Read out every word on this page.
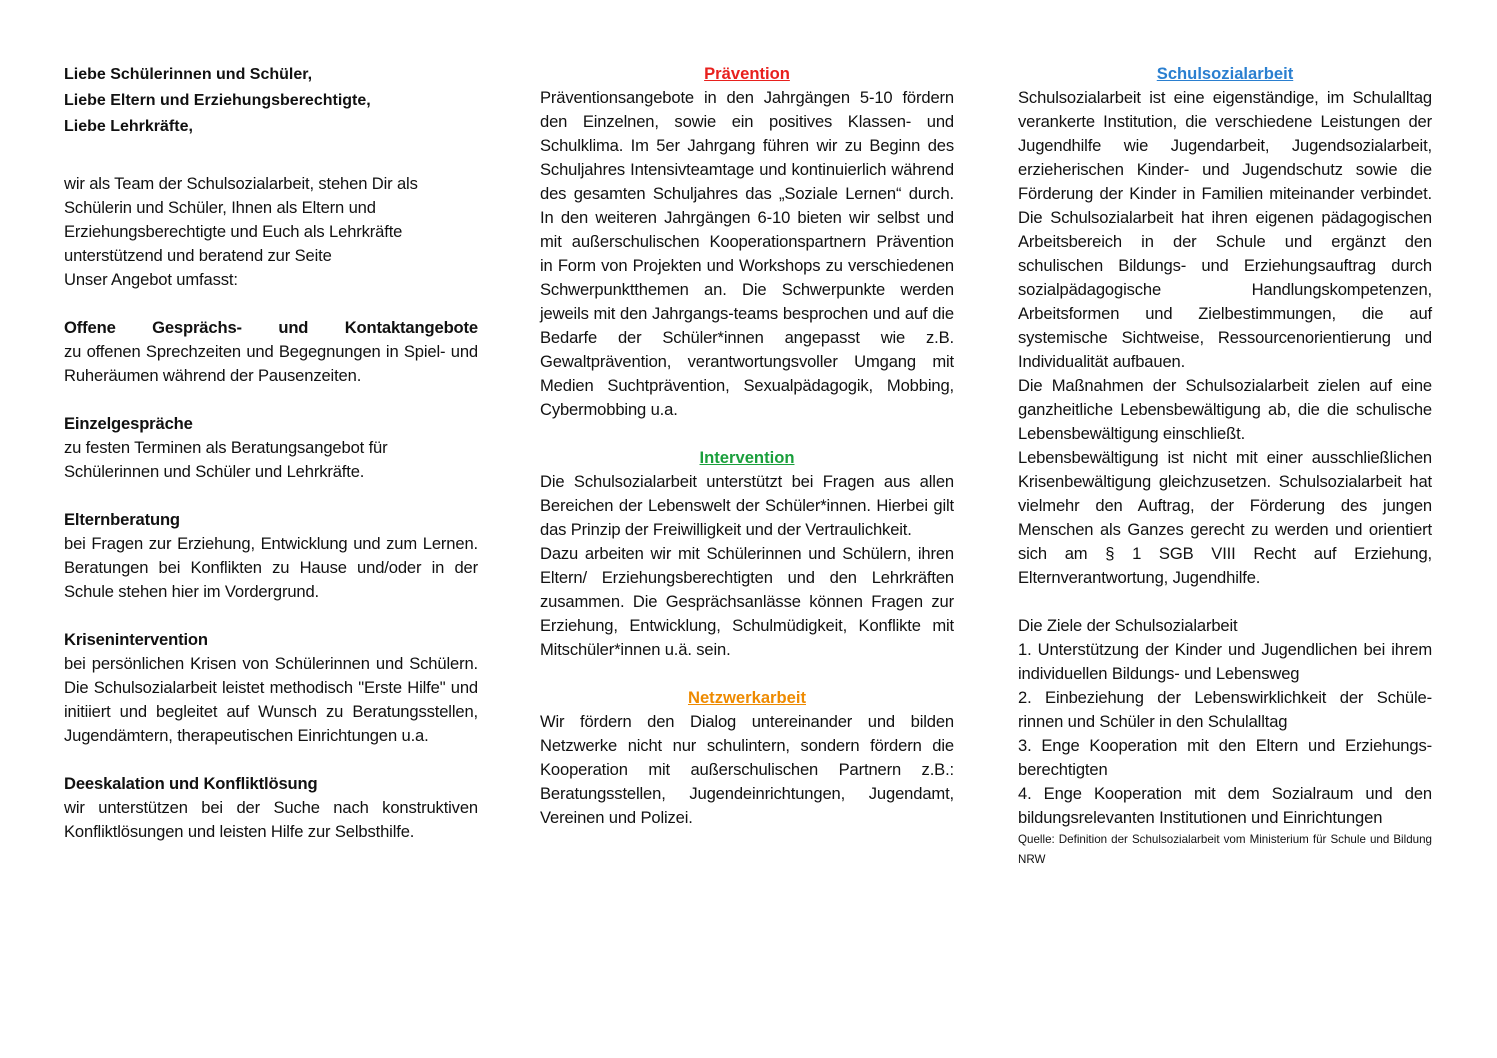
Liebe Schülerinnen und Schüler,
Liebe Eltern und Erziehungsberechtigte,
Liebe Lehrkräfte,

wir als Team der Schulsozialarbeit, stehen Dir als Schülerin und Schüler, Ihnen als Eltern und Erziehungsberechtigte und Euch als Lehrkräfte unterstützend und beratend zur Seite

Unser Angebot umfasst:

Offene Gesprächs- und Kontaktangebote

zu offenen Sprechzeiten und Begegnungen in Spiel- und Ruheräumen während der Pausenzeiten.

Einzelgespräche

zu festen Terminen als Beratungsangebot für Schülerinnen und Schüler und Lehrkräfte.

Elternberatung

bei Fragen zur Erziehung, Entwicklung und zum Lernen. Beratungen bei Konflikten zu Hause und/oder in der Schule stehen hier im Vordergrund.

Krisenintervention

bei persönlichen Krisen von Schülerinnen und Schülern. Die Schulsozialarbeit leistet methodisch "Erste Hilfe" und initiiert und begleitet auf Wunsch zu Beratungsstellen, Jugendämtern, therapeutischen Einrichtungen u.a.

Deeskalation und Konfliktlösung

wir unterstützen bei der Suche nach konstruktiven Konfliktlösungen und leisten Hilfe zur Selbsthilfe.

Prävention

Präventionsangebote in den Jahrgängen 5-10 fördern den Einzelnen, sowie ein positives Klassen- und Schulklima. Im 5er Jahrgang führen wir zu Beginn des Schuljahres Intensivteamtage und kontinuierlich während des gesamten Schuljahres das „Soziale Lernen“ durch. In den weiteren Jahrgängen 6-10 bieten wir selbst und mit außerschulischen Kooperationspartnern Prävention in Form von Projekten und Workshops zu verschiedenen Schwerpunktthemen an. Die Schwerpunkte werden jeweils mit den Jahrgangs-teams besprochen und auf die Bedarfe der Schüler*innen angepasst wie z.B. Gewaltprävention, verantwortungsvoller Umgang mit Medien Suchtprävention, Sexualpädagogik, Mobbing, Cybermobbing u.a.

Intervention

Die Schulsozialarbeit unterstützt bei Fragen aus allen Bereichen der Lebenswelt der Schüler*innen. Hierbei gilt das Prinzip der Freiwilligkeit und der Vertraulichkeit.

Dazu arbeiten wir mit Schülerinnen und Schülern, ihren Eltern/ Erziehungsberechtigten und den Lehrkräften zusammen. Die Gesprächsanlässe können Fragen zur Erziehung, Entwicklung, Schulmüdigkeit, Konflikte mit Mitschüler*innen u.ä. sein.

Netzwerkarbeit

Wir fördern den Dialog untereinander und bilden Netzwerke nicht nur schulintern, sondern fördern die Kooperation mit außerschulischen Partnern z.B.: Beratungsstellen, Jugendeinrichtungen, Jugendamt, Vereinen und Polizei.

Schulsozialarbeit

Schulsozialarbeit ist eine eigenständige, im Schulalltag verankerte Institution, die verschiedene Leistungen der Jugendhilfe wie Jugendarbeit, Jugendsozialarbeit, erzieherischen Kinder- und Jugendschutz sowie die Förderung der Kinder in Familien miteinander verbindet. Die Schulsozialarbeit hat ihren eigenen pädagogischen Arbeitsbereich in der Schule und ergänzt den schulischen Bildungs- und Erziehungsauftrag durch sozialpädagogische Handlungskompetenzen, Arbeitsformen und Zielbestimmungen, die auf systemische Sichtweise, Ressourcenorientierung und Individualität aufbauen.

Die Maßnahmen der Schulsozialarbeit zielen auf eine ganzheitliche Lebensbewältigung ab, die die schulische Lebensbewältigung einschließt.

Lebensbewältigung ist nicht mit einer ausschließlichen Krisenbewältigung gleichzusetzen. Schulsozialarbeit hat vielmehr den Auftrag, der Förderung des jungen Menschen als Ganzes gerecht zu werden und orientiert sich am § 1 SGB VIII Recht auf Erziehung, Elternverantwortung, Jugendhilfe.

Die Ziele der Schulsozialarbeit

1. Unterstützung der Kinder und Jugendlichen bei ihrem individuellen Bildungs- und Lebensweg

2. Einbeziehung der Lebenswirklichkeit der Schüle-rinnen und Schüler in den Schulalltag

3. Enge Kooperation mit den Eltern und Erziehungs-berechtigten

4. Enge Kooperation mit dem Sozialraum und den bildungsrelevanten Institutionen und Einrichtungen

Quelle: Definition der Schulsozialarbeit vom Ministerium für Schule und Bildung NRW
